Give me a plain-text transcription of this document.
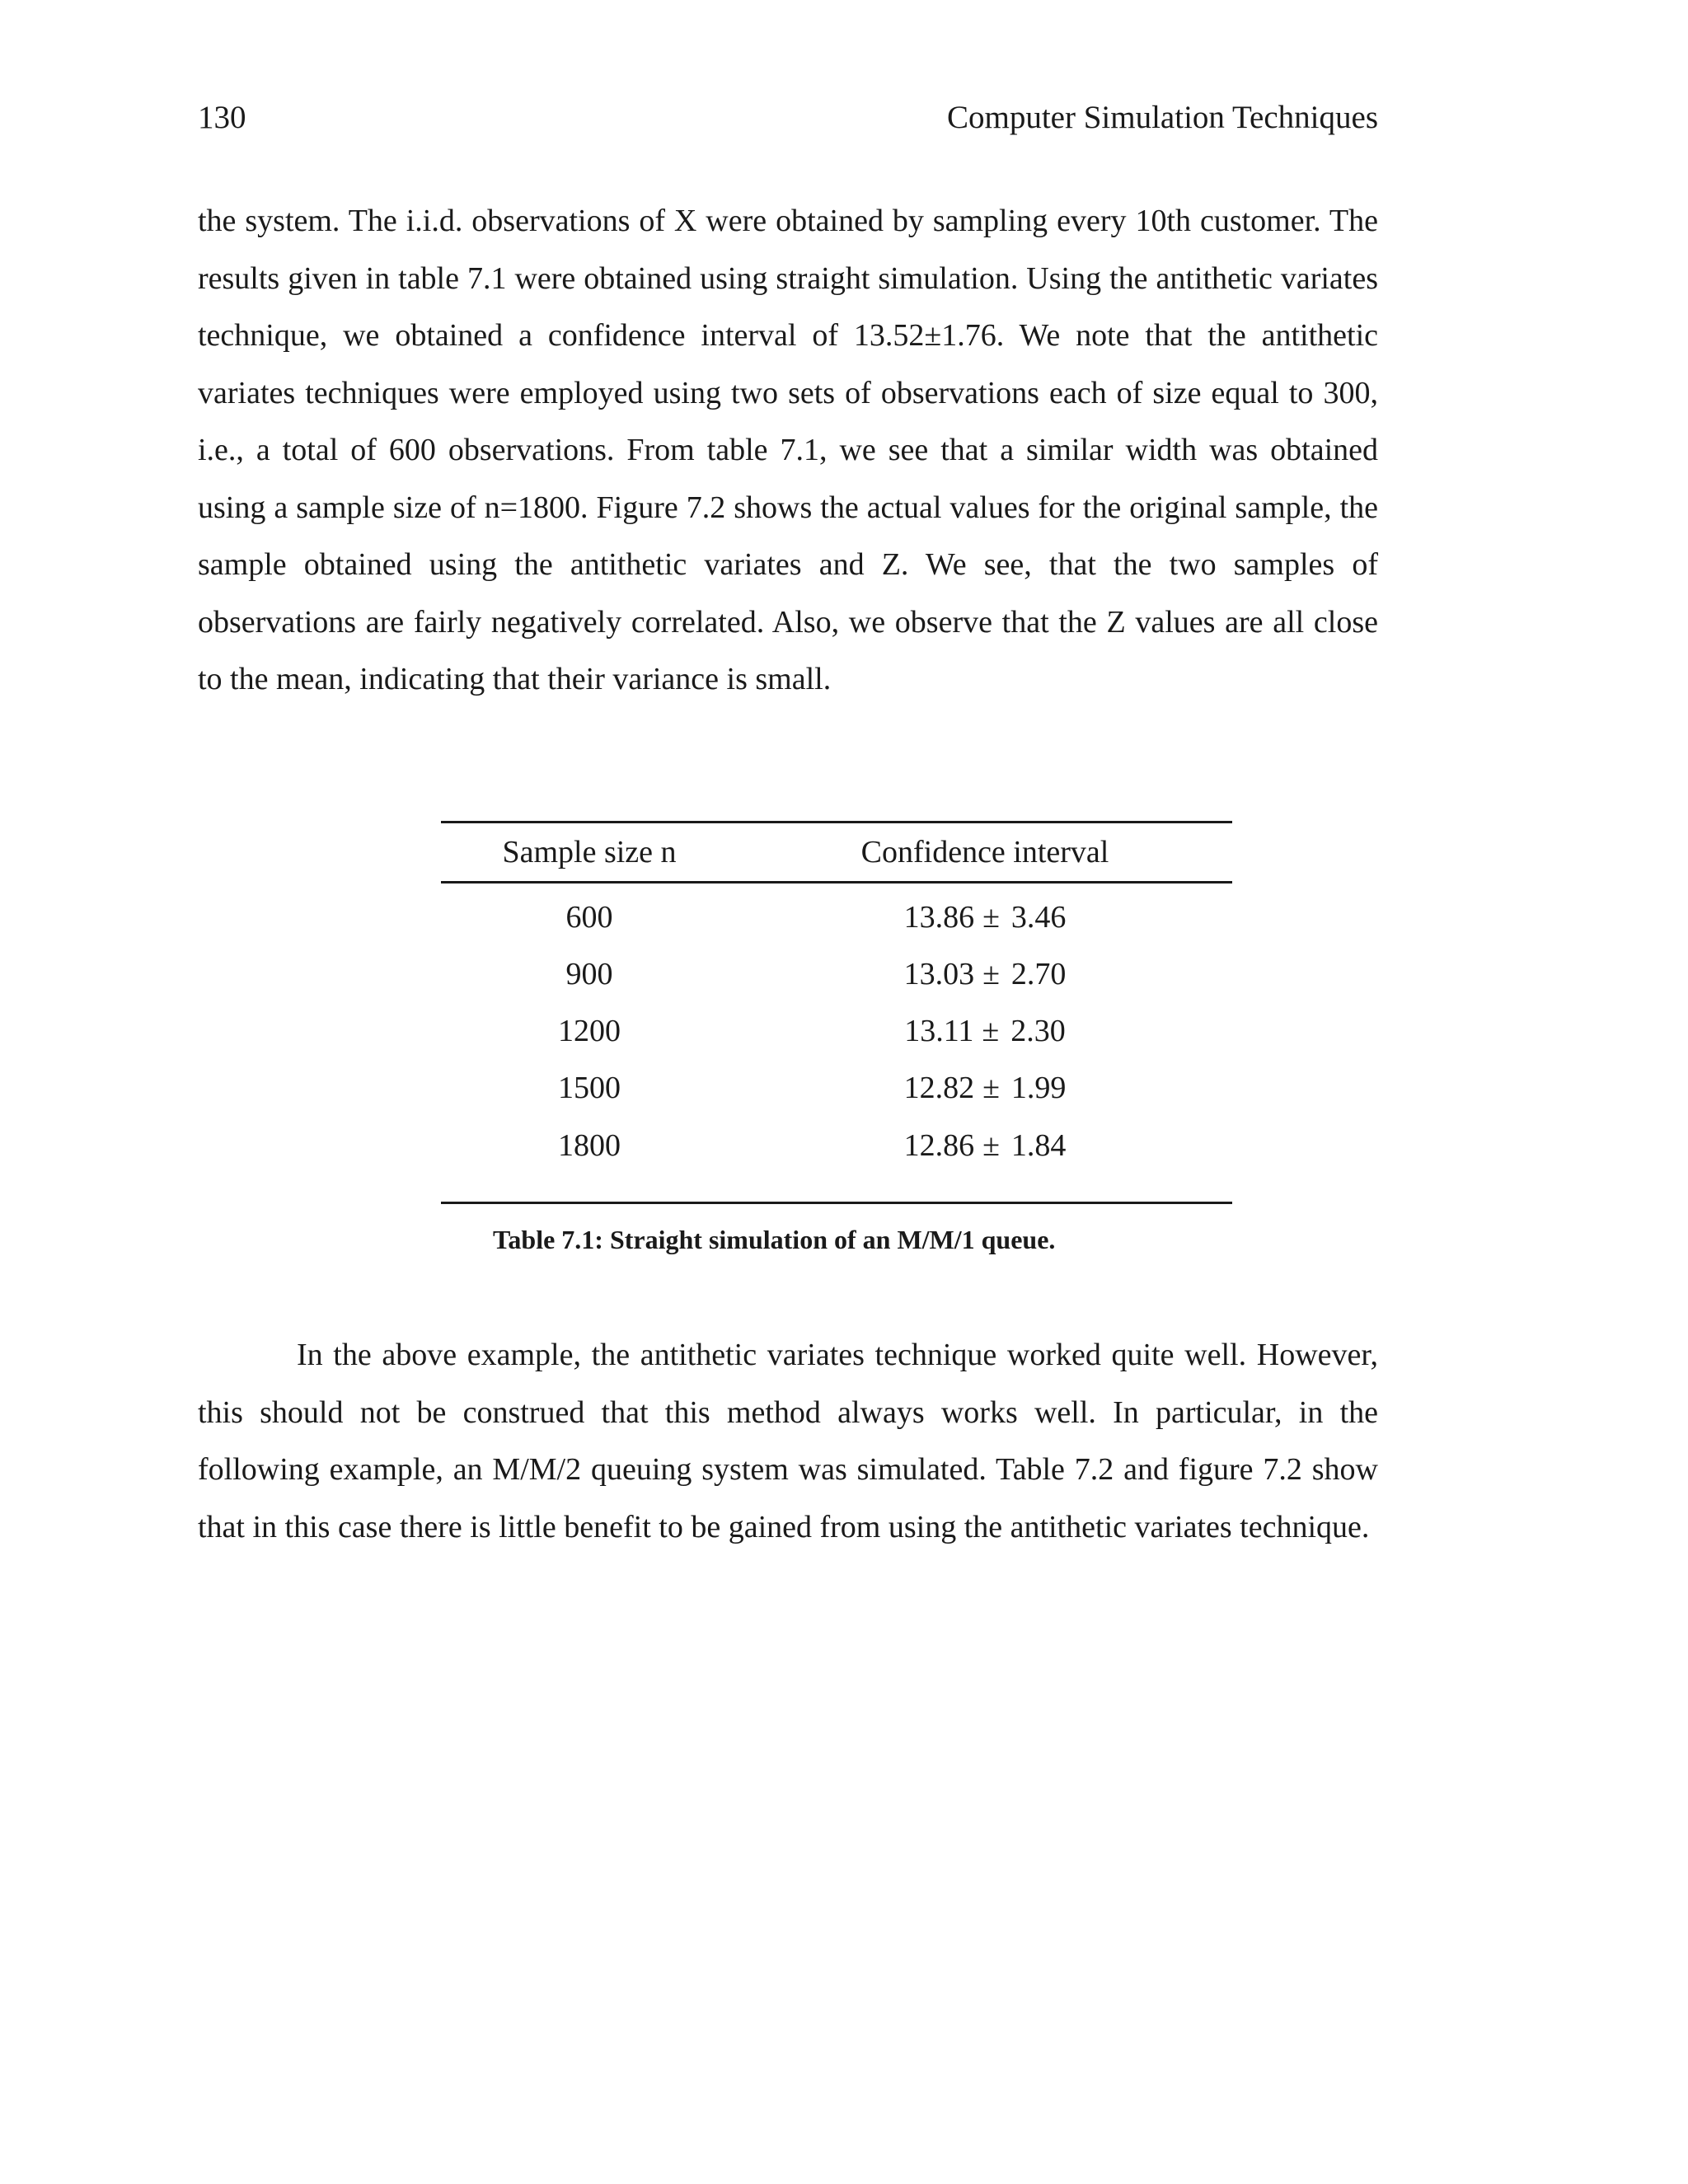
130	Computer Simulation Techniques

the system. The i.i.d. observations of X were obtained by sampling every 10th customer. The results given in table 7.1 were obtained using straight simulation. Using the antithetic variates technique, we obtained a confidence interval of 13.52±1.76. We note that the antithetic variates techniques were employed using two sets of observations each of size equal to 300, i.e., a total of 600 observations. From table 7.1, we see that a similar width was obtained using a sample size of n=1800. Figure 7.2 shows the actual values for the original sample, the sample obtained using the antithetic variates and Z. We see, that the two samples of observations are fairly negatively correlated. Also, we observe that the Z values are all close to the mean, indicating that their variance is small.

Sample size n	Confidence interval
600	13.86 ± 3.46
900	13.03 ± 2.70
1200	13.11 ± 2.30
1500	12.82 ± 1.99
1800	12.86 ± 1.84
Table 7.1: Straight simulation of an M/M/1 queue.

In the above example, the antithetic variates technique worked quite well. However, this should not be construed that this method always works well. In particular, in the following example, an M/M/2 queuing system was simulated. Table 7.2 and figure 7.2 show that in this case there is little benefit to be gained from using the antithetic variates technique.
